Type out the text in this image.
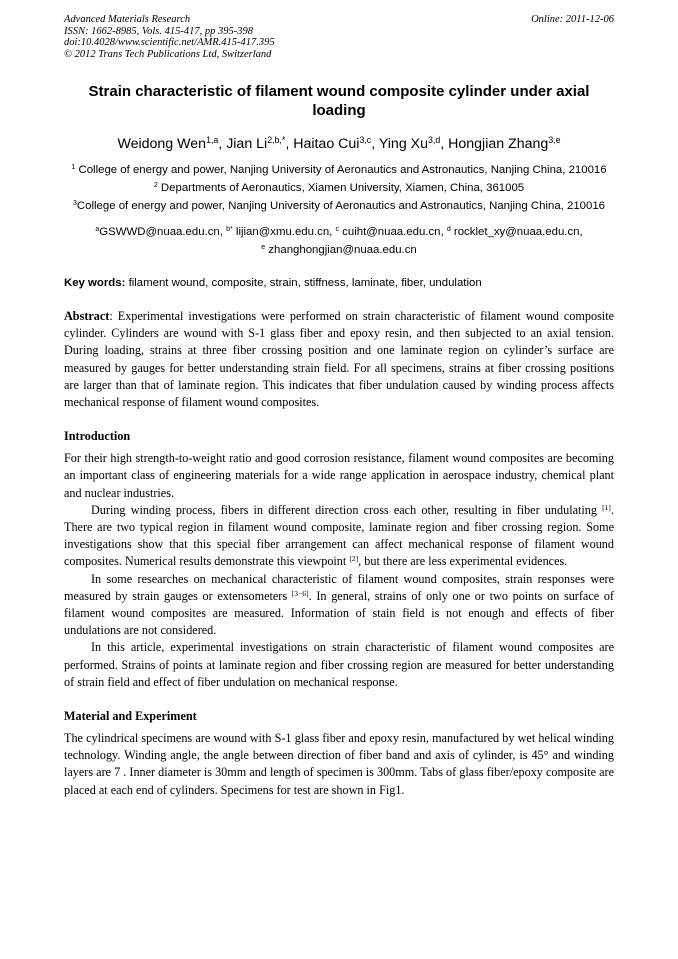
Advanced Materials Research	Online: 2011-12-06
ISSN: 1662-8985, Vols. 415-417, pp 395-398
doi:10.4028/www.scientific.net/AMR.415-417.395
© 2012 Trans Tech Publications Ltd, Switzerland
Strain characteristic of filament wound composite cylinder under axial loading
Weidong Wen$^{1,a}$, Jian $Li^{2,b,*}$, Haitao Cui$^{3,c}$, Ying Xu$^{3,d}$, Hongjian Zhang$^{3,e}$
$^1$ College of energy and power, Nanjing University of Aeronautics and Astronautics, Nanjing China, 210016
$^2$ Departments of Aeronautics, Xiamen University, Xiamen, China, 361005
$^3$College of energy and power, Nanjing University of Aeronautics and Astronautics, Nanjing China, 210016
$^a$GSWWD@nuaa.edu.cn, $^{b*}$ lijian@xmu.edu.cn, $^c$ cuiht@nuaa.edu.cn, $^d$ rocklet_xy@nuaa.edu.cn,
$^e$ zhanghongjian@nuaa.edu.cn
Key words: filament wound, composite, strain, stiffness, laminate, fiber, undulation
Abstract: Experimental investigations were performed on strain characteristic of filament wound composite cylinder. Cylinders are wound with S-1 glass fiber and epoxy resin, and then subjected to an axial tension. During loading, strains at three fiber crossing position and one laminate region on cylinder’s surface are measured by gauges for better understanding strain field. For all specimens, strains at fiber crossing positions are larger than that of laminate region. This indicates that fiber undulation caused by winding process affects mechanical response of filament wound composites.
Introduction

For their high strength-to-weight ratio and good corrosion resistance, filament wound composites are becoming an important class of engineering materials for a wide range application in aerospace industry, chemical plant and nuclear industries.

During winding process, fibers in different direction cross each other, resulting in fiber undulating [1]. There are two typical region in filament wound composite, laminate region and fiber crossing region. Some investigations show that this special fiber arrangement can affect mechanical response of filament wound composites. Numerical results demonstrate this viewpoint [2], but there are less experimental evidences.

In some researches on mechanical characteristic of filament wound composites, strain responses were measured by strain gauges or extensometers [3−6]. In general, strains of only one or two points on surface of filament wound composites are measured. Information of stain field is not enough and effects of fiber undulations are not considered.

In this article, experimental investigations on strain characteristic of filament wound composites are performed. Strains of points at laminate region and fiber crossing region are measured for better understanding of strain field and effect of fiber undulation on mechanical response.

Material and Experiment

The cylindrical specimens are wound with S-1 glass fiber and epoxy resin, manufactured by wet helical winding technology. Winding angle, the angle between direction of fiber band and axis of cylinder, is 45° and winding layers are 7 . Inner diameter is 30mm and length of specimen is 300mm. Tabs of glass fiber/epoxy composite are placed at each end of cylinders. Specimens for test are shown in Fig1.
